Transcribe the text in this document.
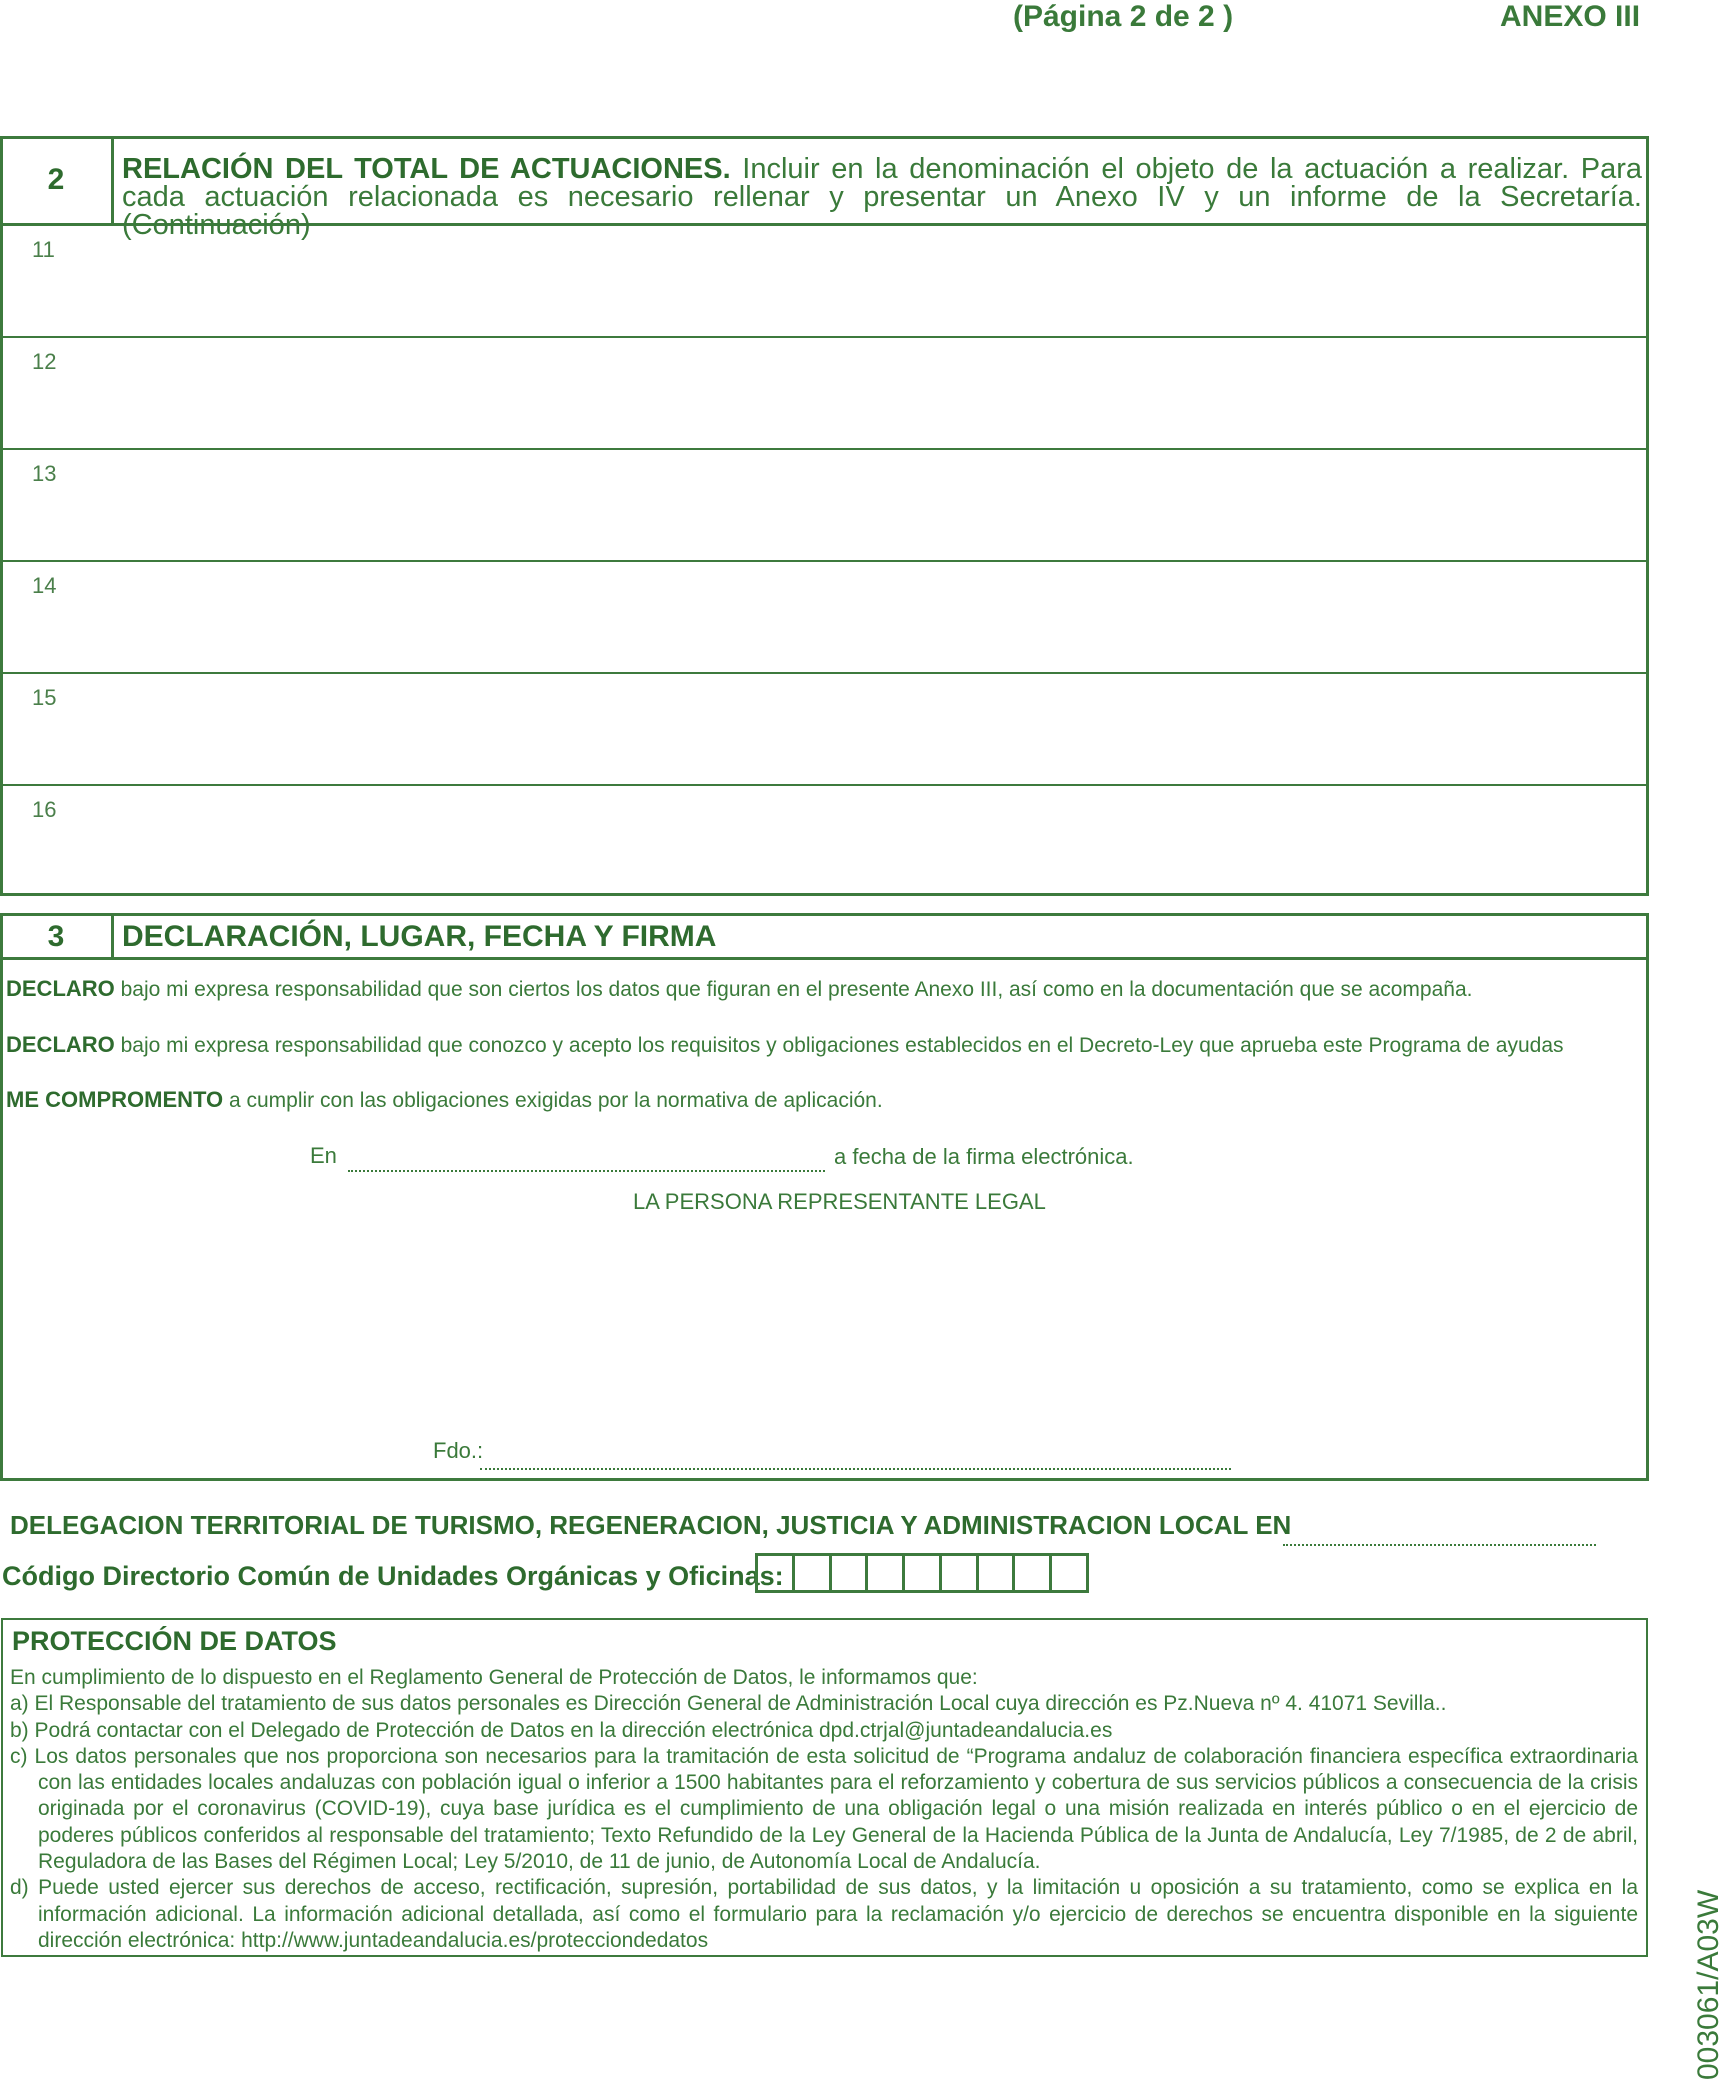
(Página 2 de 2 )	ANEXO III
2	RELACIÓN DEL TOTAL DE ACTUACIONES. Incluir en la denominación el objeto de la actuación a realizar. Para cada actuación relacionada es necesario rellenar y presentar un Anexo IV y un informe de la Secretaría. (Continuación)
11
12
13
14
15
16
3	DECLARACIÓN, LUGAR, FECHA Y FIRMA
DECLARO bajo mi expresa responsabilidad que son ciertos los datos que figuran en el presente Anexo III, así como en la documentación que se acompaña.
DECLARO bajo mi expresa responsabilidad que conozco y acepto los requisitos y obligaciones establecidos en el Decreto-Ley que aprueba este Programa de ayudas
ME COMPROMENTO a cumplir con las obligaciones exigidas por la normativa de aplicación.
En	a fecha de la firma electrónica.
LA PERSONA REPRESENTANTE LEGAL
Fdo.:
DELEGACION TERRITORIAL DE TURISMO, REGENERACION, JUSTICIA Y ADMINISTRACION LOCAL EN
Código Directorio Común de Unidades Orgánicas y Oficinas:
PROTECCIÓN DE DATOS

En cumplimiento de lo dispuesto en el Reglamento General de Protección de Datos, le informamos que:

a) El Responsable del tratamiento de sus datos personales es Dirección General de Administración Local cuya dirección es Pz.Nueva nº 4. 41071 Sevilla..

b) Podrá contactar con el Delegado de Protección de Datos en la dirección electrónica dpd.ctrjal@juntadeandalucia.es

c) Los datos personales que nos proporciona son necesarios para la tramitación de esta solicitud de “Programa andaluz de colaboración financiera específica extraordinaria con las entidades locales andaluzas con población igual o inferior a 1500 habitantes para el reforzamiento y cobertura de sus servicios públicos a consecuencia de la crisis originada por el coronavirus (COVID-19), cuya base jurídica es el cumplimiento de una obligación legal o una misión realizada en interés público o en el ejercicio de poderes públicos conferidos al responsable del tratamiento; Texto Refundido de la Ley General de la Hacienda Pública de la Junta de Andalucía, Ley 7/1985, de 2 de abril, Reguladora de las Bases del Régimen Local; Ley 5/2010, de 11 de junio, de Autonomía Local de Andalucía.

d) Puede usted ejercer sus derechos de acceso, rectificación, supresión, portabilidad de sus datos, y la limitación u oposición a su tratamiento, como se explica en la información adicional. La información adicional detallada, así como el formulario para la reclamación y/o ejercicio de derechos se encuentra disponible en la siguiente dirección electrónica: http://www.juntadeandalucia.es/protecciondedatos	003061/A03W
